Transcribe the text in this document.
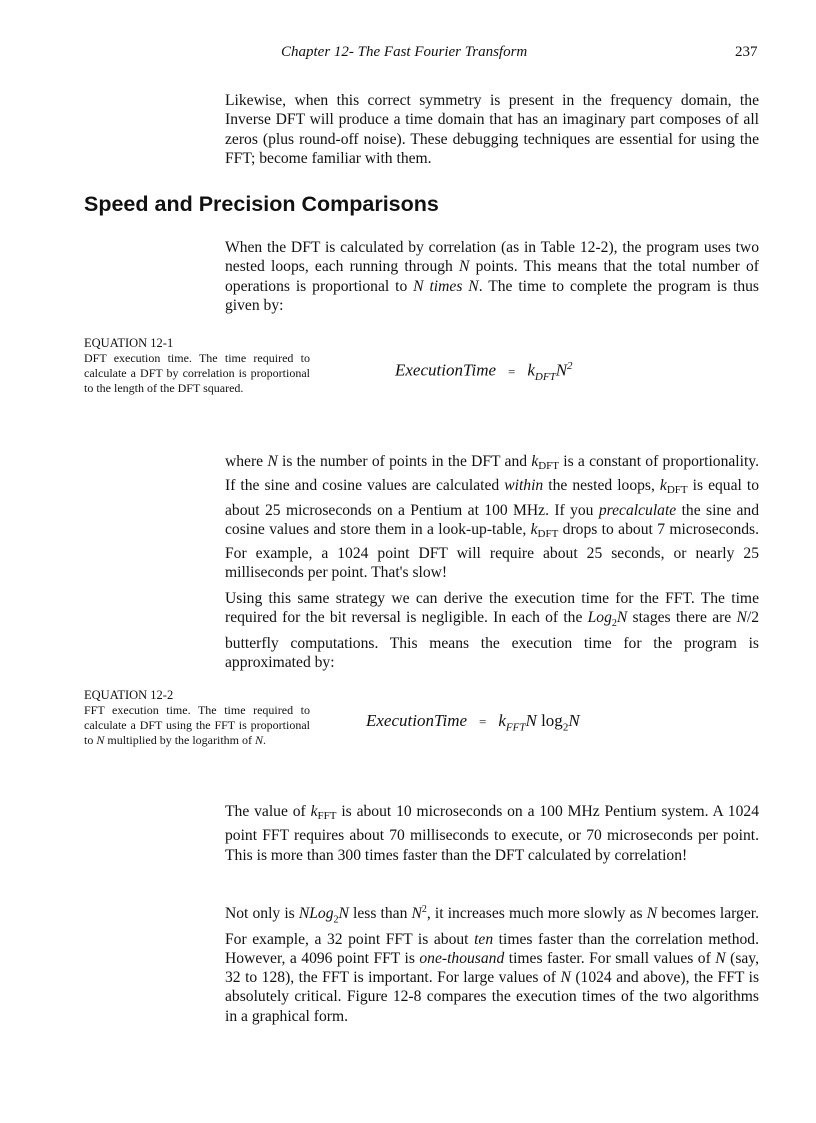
Chapter 12- The Fast Fourier Transform	237
Likewise, when this correct symmetry is present in the frequency domain, the Inverse DFT will produce a time domain that has an imaginary part composes of all zeros (plus round-off noise). These debugging techniques are essential for using the FFT; become familiar with them.
Speed and Precision Comparisons
When the DFT is calculated by correlation (as in Table 12-2), the program uses two nested loops, each running through N points. This means that the total number of operations is proportional to N times N. The time to complete the program is thus given by:
EQUATION 12-1
DFT execution time. The time required to calculate a DFT by correlation is proportional to the length of the DFT squared.
ExecutionTime = $k_{DFT}N^2$
where N is the number of points in the DFT and kDFT is a constant of proportionality. If the sine and cosine values are calculated within the nested loops, kDFT is equal to about 25 microseconds on a Pentium at 100 MHz. If you precalculate the sine and cosine values and store them in a look-up-table, kDFT drops to about 7 microseconds. For example, a 1024 point DFT will require about 25 seconds, or nearly 25 milliseconds per point. That's slow!
Using this same strategy we can derive the execution time for the FFT. The time required for the bit reversal is negligible. In each of the Log$_2$N stages there are N/2 butterfly computations. This means the execution time for the program is approximated by:
EQUATION 12-2
FFT execution time. The time required to calculate a DFT using the FFT is proportional to N multiplied by the logarithm of N.
ExecutionTime = $k_{FFT}N$ $\log_2N$
The value of kFFT is about 10 microseconds on a 100 MHz Pentium system. A 1024 point FFT requires about 70 milliseconds to execute, or 70 microseconds per point. This is more than 300 times faster than the DFT calculated by correlation!
Not only is NLog$_2$N less than $N^2$, it increases much more slowly as N becomes larger. For example, a 32 point FFT is about ten times faster than the correlation method. However, a 4096 point FFT is one-thousand times faster. For small values of N (say, 32 to 128), the FFT is important. For large values of N (1024 and above), the FFT is absolutely critical. Figure 12-8 compares the execution times of the two algorithms in a graphical form.
